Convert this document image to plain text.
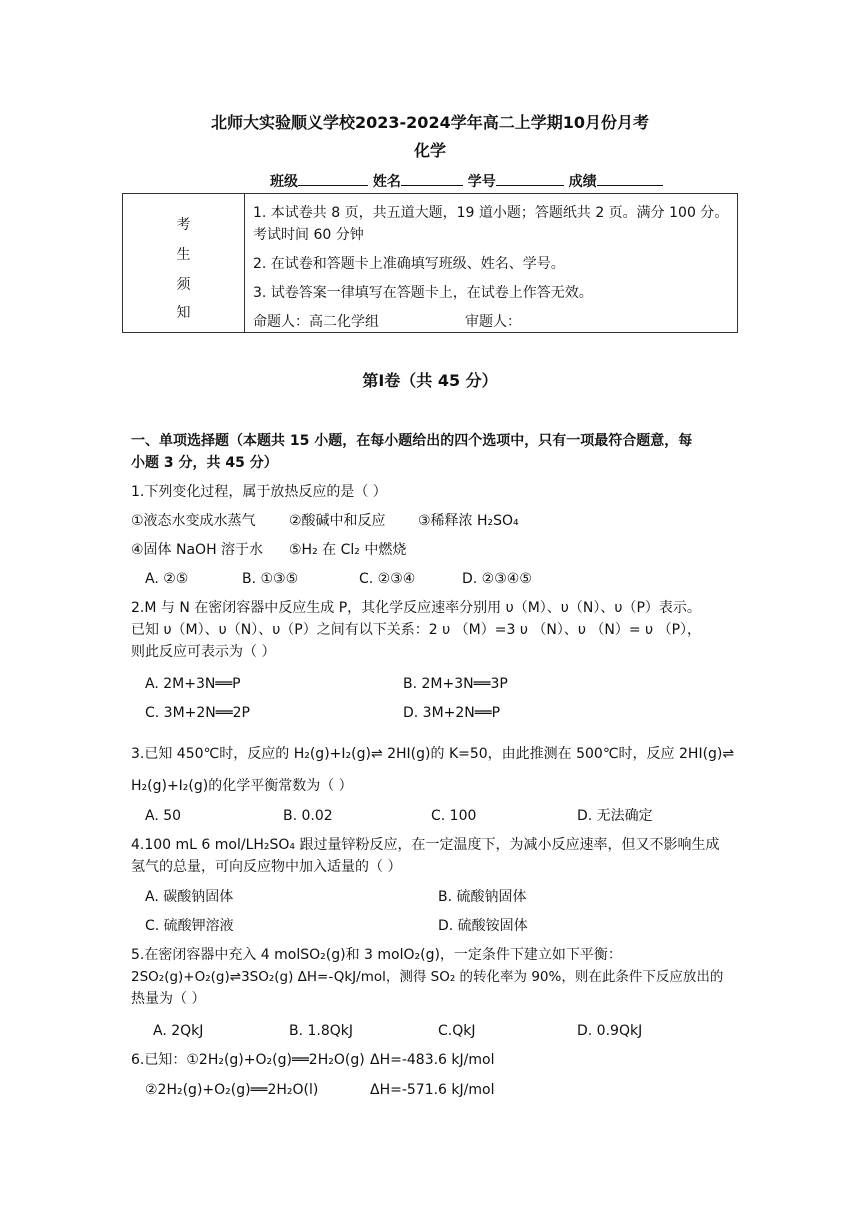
北师大实验顺义学校2023-2024学年高二上学期10月份月考
化学
班级	姓名	学号	成绩
考
生
须
知
1. 本试卷共 8 页，共五道大题，19 道小题；答题纸共 2 页。满分 100 分。
考试时间 60 分钟
2. 在试卷和答题卡上准确填写班级、姓名、学号。
3. 试卷答案一律填写在答题卡上，在试卷上作答无效。
命题人：高二化学组	审题人：
第Ⅰ卷（共 45 分）
一、单项选择题（本题共 15 小题，在每小题给出的四个选项中，只有一项最符合题意，每
小题 3 分，共 45 分）
1.下列变化过程，属于放热反应的是（ ）
①液态水变成水蒸气 ②酸碱中和反应 ③稀释浓 H₂SO₄
④固体 NaOH 溶于水 ⑤H₂ 在 Cl₂ 中燃烧
A. ②⑤	B. ①③⑤	C. ②③④	D. ②③④⑤
2.M 与 N 在密闭容器中反应生成 P，其化学反应速率分别用 υ（M）、υ（N）、υ（P）表示。
已知 υ（M）、υ（N）、υ（P）之间有以下关系：2 υ （M）=3 υ （N）、υ （N）= υ （P），
则此反应可表示为（ ）
A. 2M+3N══P	B. 2M+3N══3P
C. 3M+2N══2P	D. 3M+2N══P
3.已知 450℃时，反应的 H₂(g)+I₂(g)⇌ 2HI(g)的 K=50，由此推测在 500℃时，反应 2HI(g)⇌
H₂(g)+I₂(g)的化学平衡常数为（ ）
A. 50	B. 0.02	C. 100	D. 无法确定
4.100 mL 6 mol/LH₂SO₄ 跟过量锌粉反应，在一定温度下，为减小反应速率，但又不影响生成
氢气的总量，可向反应物中加入适量的（ ）
A. 碳酸钠固体	B. 硫酸钠固体
C. 硫酸钾溶液	D. 硫酸铵固体
5.在密闭容器中充入 4 molSO₂(g)和 3 molO₂(g)，一定条件下建立如下平衡：
2SO₂(g)+O₂(g)⇌3SO₂(g) ΔH=-QkJ/mol，测得 SO₂ 的转化率为 90%，则在此条件下反应放出的
热量为（ ）
A. 2QkJ	B. 1.8QkJ	C.QkJ	D. 0.9QkJ
6.已知：①2H₂(g)+O₂(g)══2H₂O(g) ΔH=-483.6 kJ/mol
②2H₂(g)+O₂(g)══2H₂O(l)	ΔH=-571.6 kJ/mol
